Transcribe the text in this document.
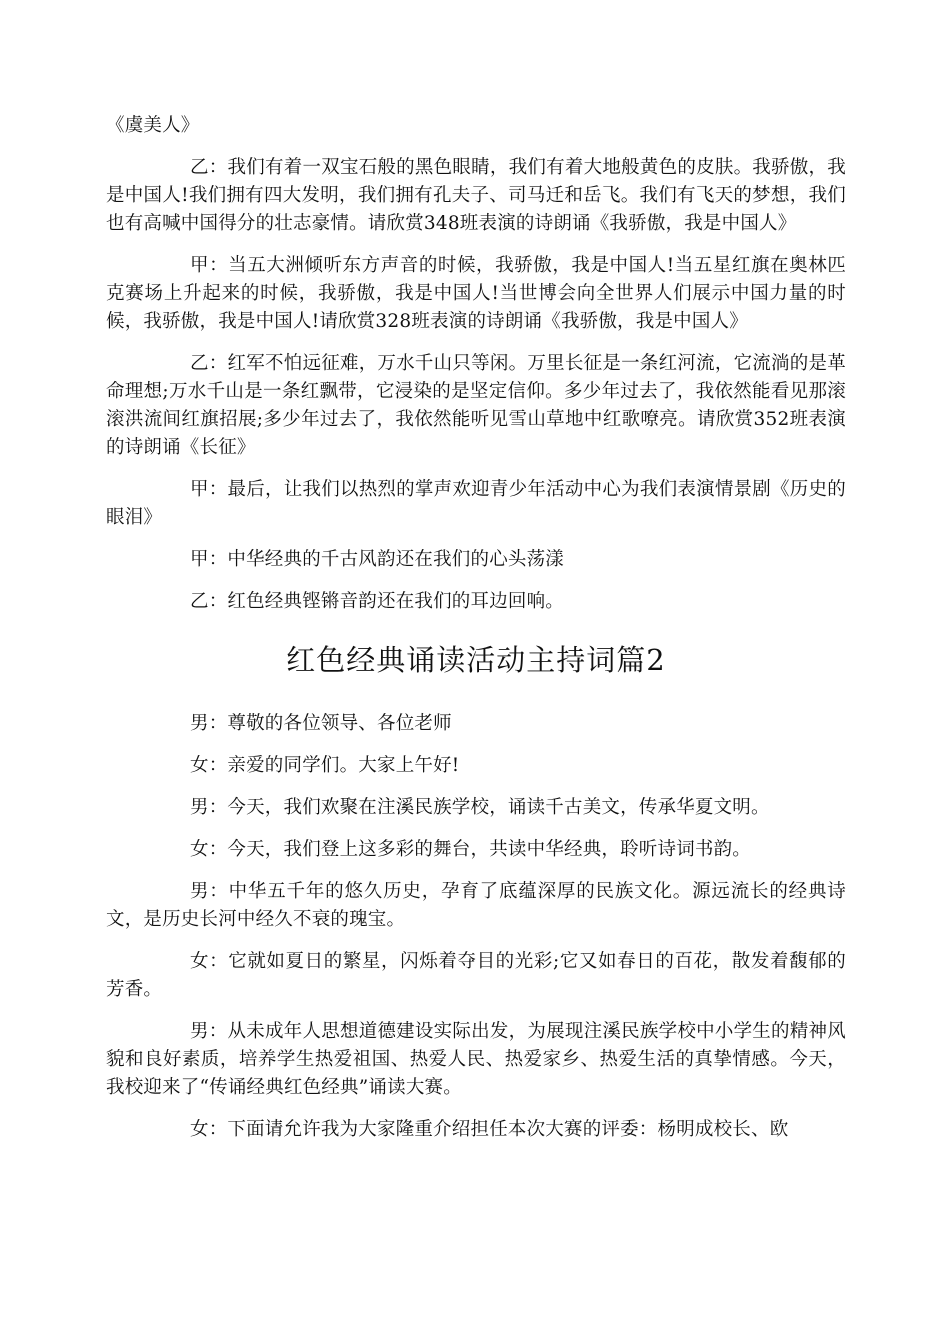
《虞美人》

乙：我们有着一双宝石般的黑色眼睛，我们有着大地般黄色的皮肤。我骄傲，我是中国人!我们拥有四大发明，我们拥有孔夫子、司马迁和岳飞。我们有飞天的梦想，我们也有高喊中国得分的壮志豪情。请欣赏348班表演的诗朗诵《我骄傲，我是中国人》

甲：当五大洲倾听东方声音的时候，我骄傲，我是中国人!当五星红旗在奥林匹克赛场上升起来的时候，我骄傲，我是中国人!当世博会向全世界人们展示中国力量的时候，我骄傲，我是中国人!请欣赏328班表演的诗朗诵《我骄傲，我是中国人》

乙：红军不怕远征难，万水千山只等闲。万里长征是一条红河流，它流淌的是革命理想;万水千山是一条红飘带，它浸染的是坚定信仰。多少年过去了，我依然能看见那滚滚洪流间红旗招展;多少年过去了，我依然能听见雪山草地中红歌嘹亮。请欣赏352班表演的诗朗诵《长征》

甲：最后，让我们以热烈的掌声欢迎青少年活动中心为我们表演情景剧《历史的眼泪》

甲：中华经典的千古风韵还在我们的心头荡漾

乙：红色经典铿锵音韵还在我们的耳边回响。

红色经典诵读活动主持词篇2

男：尊敬的各位领导、各位老师

女：亲爱的同学们。大家上午好!

男：今天，我们欢聚在注溪民族学校，诵读千古美文，传承华夏文明。

女：今天，我们登上这多彩的舞台，共读中华经典，聆听诗词书韵。

男：中华五千年的悠久历史，孕育了底蕴深厚的民族文化。源远流长的经典诗文，是历史长河中经久不衰的瑰宝。

女：它就如夏日的繁星，闪烁着夺目的光彩;它又如春日的百花，散发着馥郁的芳香。

男：从未成年人思想道德建设实际出发，为展现注溪民族学校中小学生的精神风貌和良好素质，培养学生热爱祖国、热爱人民、热爱家乡、热爱生活的真挚情感。今天，我校迎来了“传诵经典红色经典”诵读大赛。

女：下面请允许我为大家隆重介绍担任本次大赛的评委：杨明成校长、欧
